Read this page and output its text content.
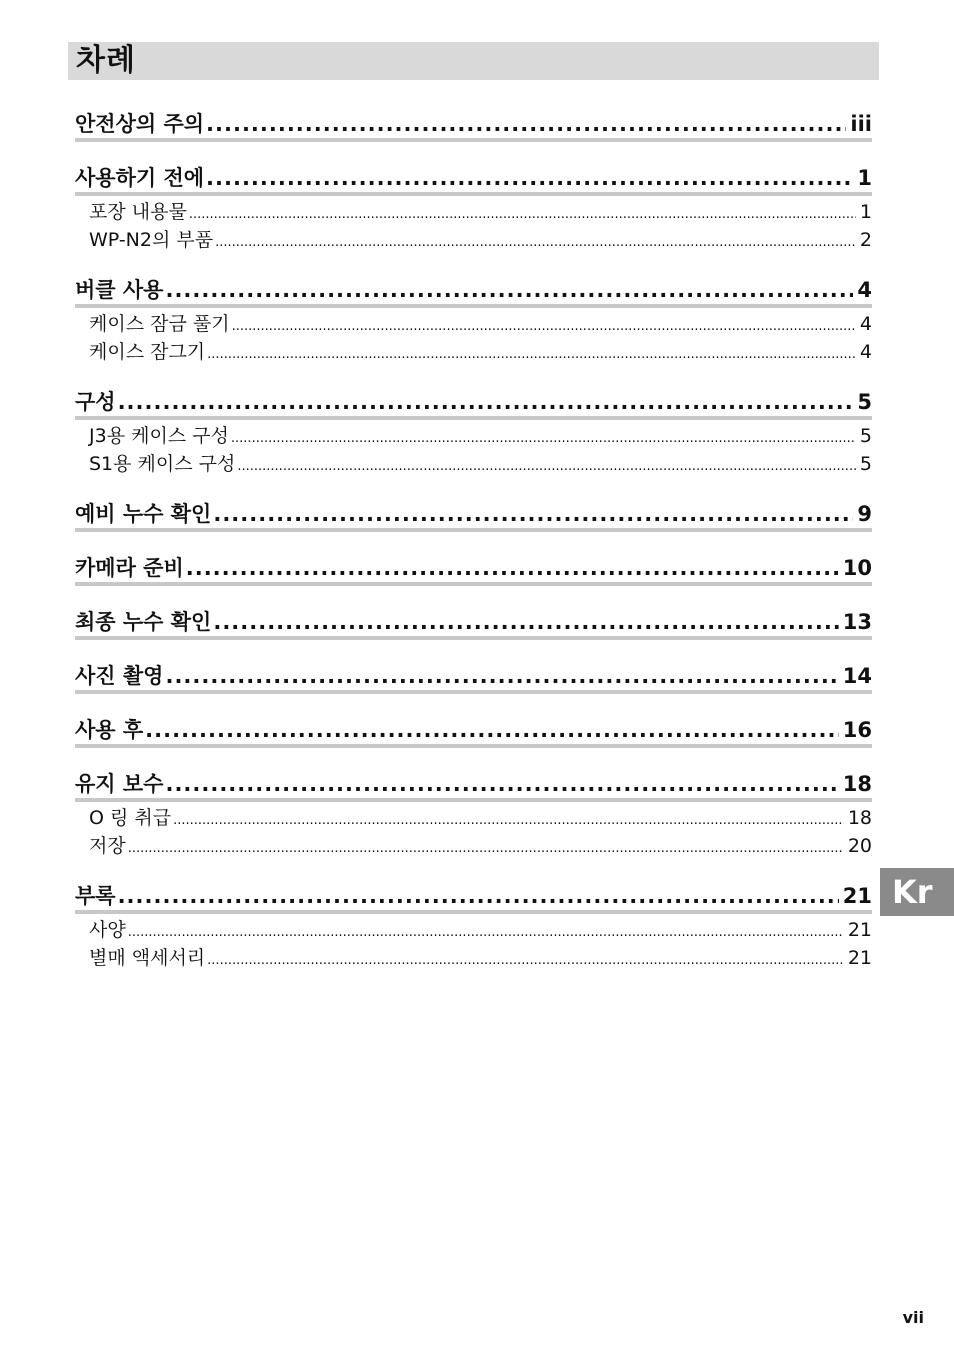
차례
안전상의 주의 .....	iii
사용하기 전에 .....	1
포장 내용물 .....	1
WP-N2의 부품 .....	2
버클 사용 .....	4
케이스 잠금 풀기 .....	4
케이스 잠그기 .....	4
구성 .....	5
J3용 케이스 구성 .....	5
S1용 케이스 구성 .....	5
예비 누수 확인 .....	9
카메라 준비 .....	10
최종 누수 확인 .....	13
사진 촬영 .....	14
사용 후 .....	16
유지 보수 .....	18
O 링 취급 .....	18
저장 .....	20
부록 .....	21
사양 .....	21
별매 액세서리 .....	21
Kr
vii
